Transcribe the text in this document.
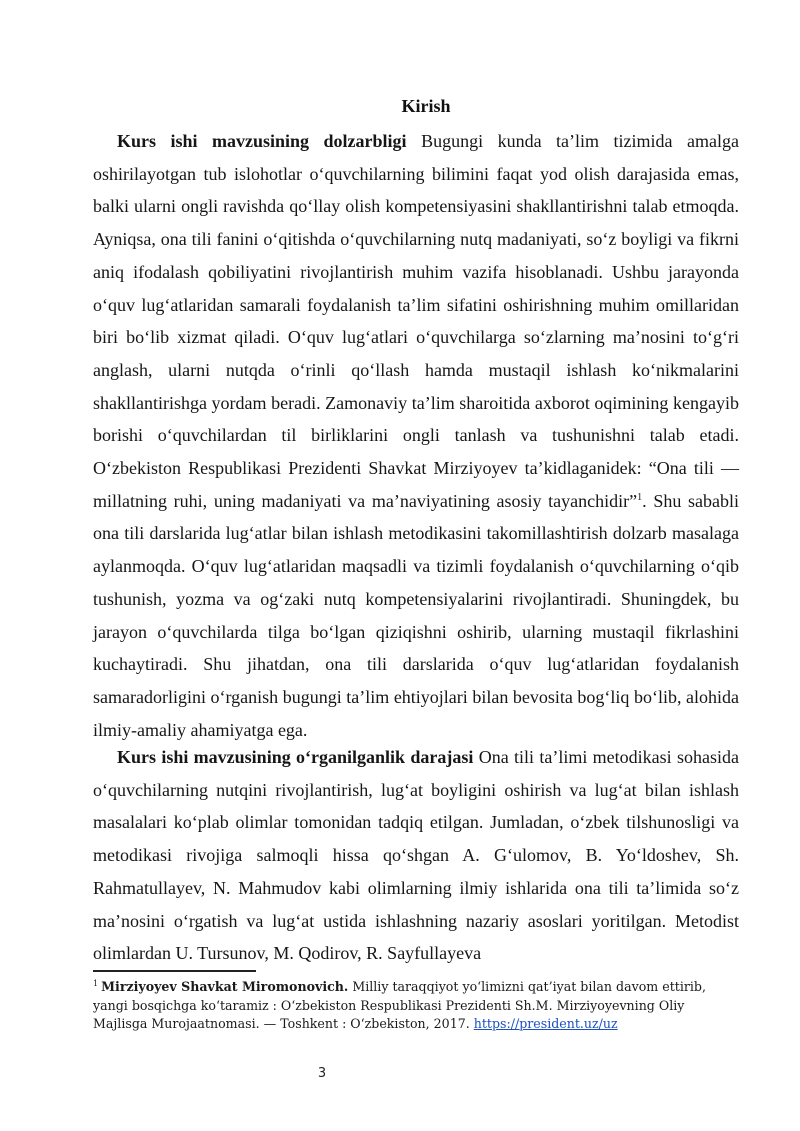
Kirish

Kurs ishi mavzusining dolzarbligi Bugungi kunda ta’lim tizimida amalga oshirilayotgan tub islohotlar o‘quvchilarning bilimini faqat yod olish darajasida emas, balki ularni ongli ravishda qo‘llay olish kompetensiyasini shakllantirishni talab etmoqda. Ayniqsa, ona tili fanini o‘qitishda o‘quvchilarning nutq madaniyati, so‘z boyligi va fikrni aniq ifodalash qobiliyatini rivojlantirish muhim vazifa hisoblanadi. Ushbu jarayonda o‘quv lug‘atlaridan samarali foydalanish ta’lim sifatini oshirishning muhim omillaridan biri bo‘lib xizmat qiladi. O‘quv lug‘atlari o‘quvchilarga so‘zlarning ma’nosini to‘g‘ri anglash, ularni nutqda o‘rinli qo‘llash hamda mustaqil ishlash ko‘nikmalarini shakllantirishga yordam beradi. Zamonaviy ta’lim sharoitida axborot oqimining kengayib borishi o‘quvchilardan til birliklarini ongli tanlash va tushunishni talab etadi. O‘zbekiston Respublikasi Prezidenti Shavkat Mirziyoyev ta’kidlaganidek: “Ona tili — millatning ruhi, uning madaniyati va ma’naviyatining asosiy tayanchidir”$^1$. Shu sababli ona tili darslarida lug‘atlar bilan ishlash metodikasini takomillashtirish dolzarb masalaga aylanmoqda. O‘quv lug‘atlaridan maqsadli va tizimli foydalanish o‘quvchilarning o‘qib tushunish, yozma va og‘zaki nutq kompetensiyalarini rivojlantiradi. Shuningdek, bu jarayon o‘quvchilarda tilga bo‘lgan qiziqishni oshirib, ularning mustaqil fikrlashini kuchaytiradi. Shu jihatdan, ona tili darslarida o‘quv lug‘atlaridan foydalanish samaradorligini o‘rganish bugungi ta’lim ehtiyojlari bilan bevosita bog‘liq bo‘lib, alohida ilmiy-amaliy ahamiyatga ega.

Kurs ishi mavzusining o‘rganilganlik darajasi Ona tili ta’limi metodikasi sohasida o‘quvchilarning nutqini rivojlantirish, lug‘at boyligini oshirish va lug‘at bilan ishlash masalalari ko‘plab olimlar tomonidan tadqiq etilgan. Jumladan, o‘zbek tilshunosligi va metodikasi rivojiga salmoqli hissa qo‘shgan A. G‘ulomov, B. Yo‘ldoshev, Sh. Rahmatullayev, N. Mahmudov kabi olimlarning ilmiy ishlarida ona tili ta’limida so‘z ma’nosini o‘rgatish va lug‘at ustida ishlashning nazariy asoslari yoritilgan. Metodist olimlardan U. Tursunov, M. Qodirov, R. Sayfullayeva

$^1$ Mirziyoyev Shavkat Miromonovich. Milliy taraqqiyot yo‘limizni qat’iyat bilan davom ettirib, yangi bosqichga ko‘taramiz : O‘zbekiston Respublikasi Prezidenti Sh.M. Mirziyoyevning Oliy Majlisga Murojaatnomasi. — Toshkent : O‘zbekiston, 2017. https://president.uz/uz

3
